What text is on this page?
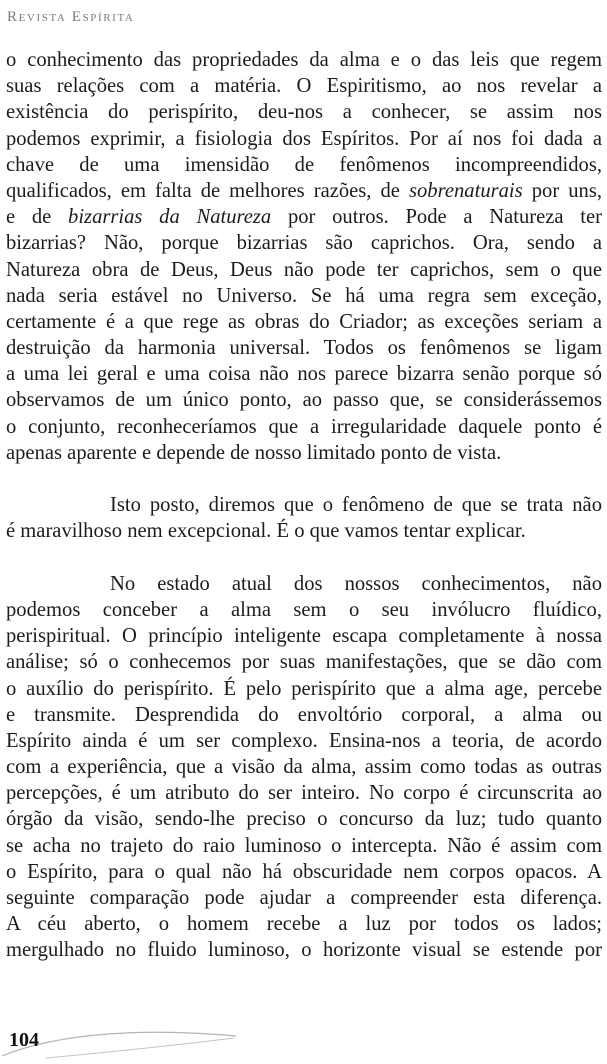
Revista Espírita
o conhecimento das propriedades da alma e o das leis que regem
suas relações com a matéria. O Espiritismo, ao nos revelar a
existência do perispírito, deu-nos a conhecer, se assim nos
podemos exprimir, a fisiologia dos Espíritos. Por aí nos foi dada a
chave de uma imensidão de fenômenos incompreendidos,
qualificados, em falta de melhores razões, de sobrenaturais por uns,
e de bizarrias da Natureza por outros. Pode a Natureza ter
bizarrias? Não, porque bizarrias são caprichos. Ora, sendo a
Natureza obra de Deus, Deus não pode ter caprichos, sem o que
nada seria estável no Universo. Se há uma regra sem exceção,
certamente é a que rege as obras do Criador; as exceções seriam a
destruição da harmonia universal. Todos os fenômenos se ligam
a uma lei geral e uma coisa não nos parece bizarra senão porque só
observamos de um único ponto, ao passo que, se considerássemos
o conjunto, reconheceríamos que a irregularidade daquele ponto é
apenas aparente e depende de nosso limitado ponto de vista.
Isto posto, diremos que o fenômeno de que se trata não
é maravilhoso nem excepcional. É o que vamos tentar explicar.
No estado atual dos nossos conhecimentos, não
podemos conceber a alma sem o seu invólucro fluídico,
perispiritual. O princípio inteligente escapa completamente à nossa
análise; só o conhecemos por suas manifestações, que se dão com
o auxílio do perispírito. É pelo perispírito que a alma age, percebe
e transmite. Desprendida do envoltório corporal, a alma ou
Espírito ainda é um ser complexo. Ensina-nos a teoria, de acordo
com a experiência, que a visão da alma, assim como todas as outras
percepções, é um atributo do ser inteiro. No corpo é circunscrita ao
órgão da visão, sendo-lhe preciso o concurso da luz; tudo quanto
se acha no trajeto do raio luminoso o intercepta. Não é assim com
o Espírito, para o qual não há obscuridade nem corpos opacos. A
seguinte comparação pode ajudar a compreender esta diferença.
A céu aberto, o homem recebe a luz por todos os lados;
mergulhado no fluido luminoso, o horizonte visual se estende por
104
